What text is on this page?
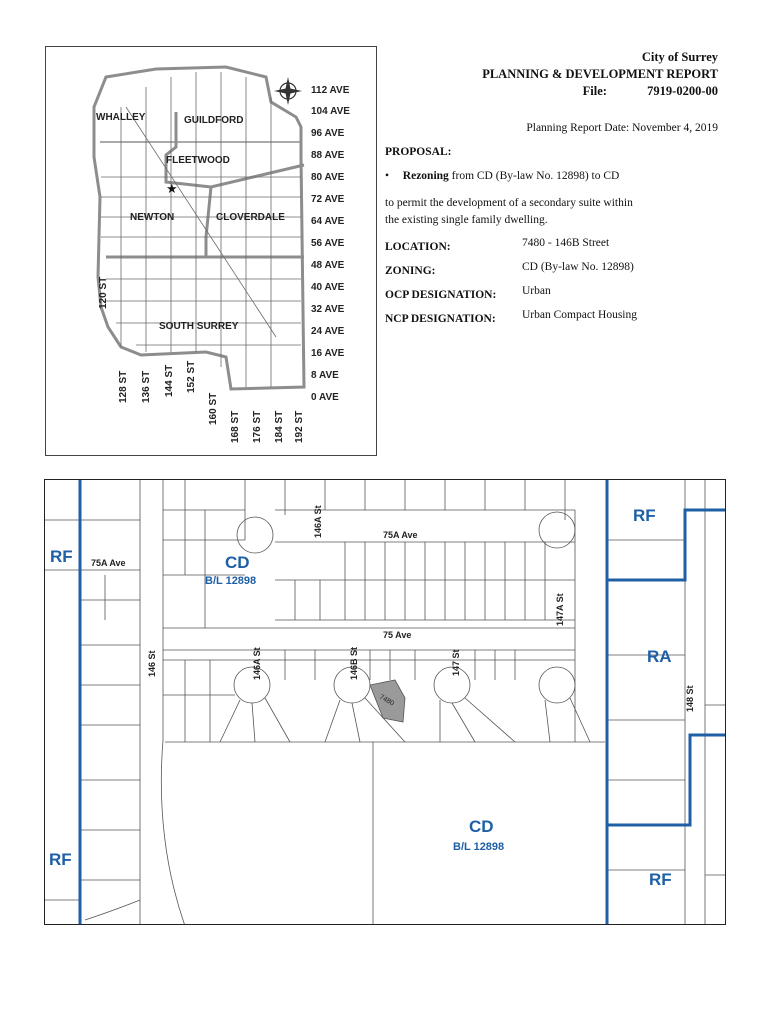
WHALLEY	GUILDFORD
FLEETWOOD
NEWTON	CLOVERDALE
SOUTH SURREY
★
112 AVE
104 AVE
96 AVE
88 AVE
80 AVE
72 AVE
64 AVE
56 AVE
48 AVE
40 AVE
32 AVE
24 AVE
16 AVE
8 AVE
0 AVE
120 ST
128 ST 136 ST 144 ST 152 ST
160 ST
168 ST 176 ST 184 ST 192 ST
City of Surrey
PLANNING & DEVELOPMENT REPORT
File:	7919-0200-00
Planning Report Date: November 4, 2019
PROPOSAL:
• Rezoning from CD (By-law No. 12898) to CD
to permit the development of a secondary suite within
the existing single family dwelling.
LOCATION:	7480 - 146B Street
ZONING:	CD (By-law No. 12898)
OCP DESIGNATION: Urban
NCP DESIGNATION: Urban Compact Housing
7480
RF
RF
RA
RF
RF
CD
B/L 12898
CD
B/L 12898
146A St	75A Ave
75A Ave
146 St
75 Ave
146A St	146B St	147 St
147A St
148 St
